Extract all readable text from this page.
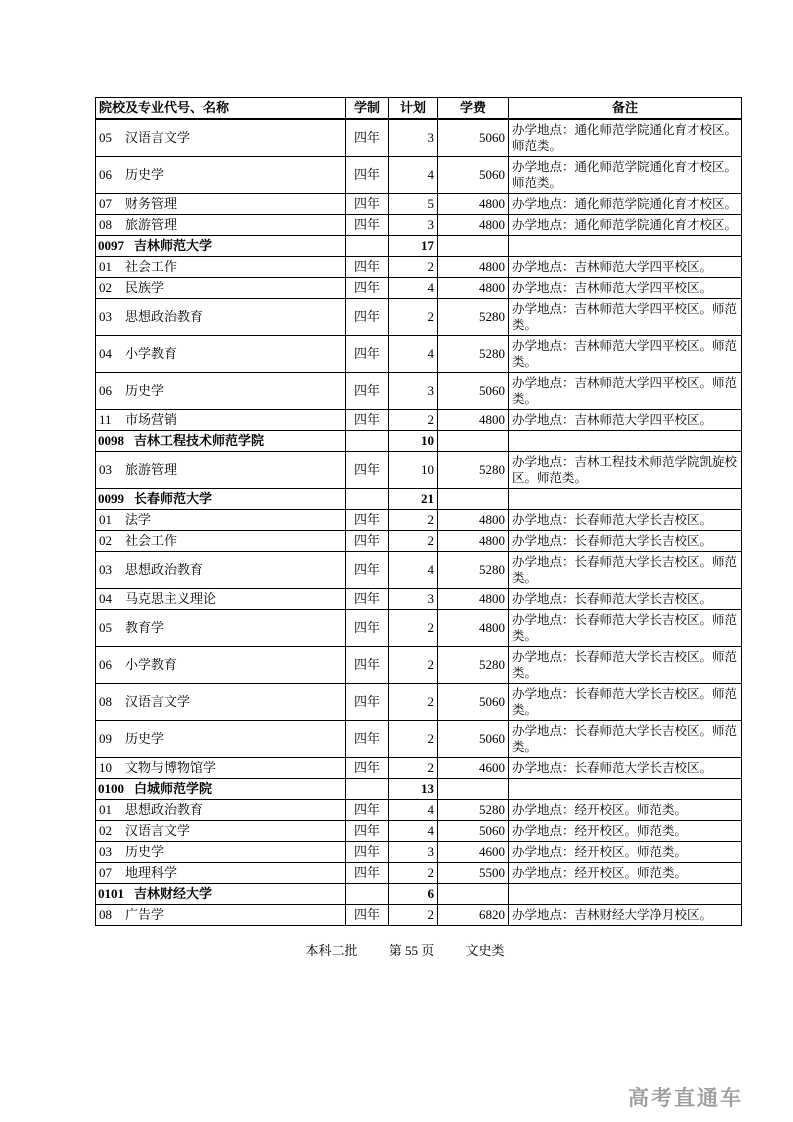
院校及专业代号、名称	学制	计划	学费	备注
05 汉语言文学	四年	3	5060	办学地点：通化师范学院通化育才校区。师范类。
06 历史学	四年	4	5060	办学地点：通化师范学院通化育才校区。师范类。
07 财务管理	四年	5	4800	办学地点：通化师范学院通化育才校区。
08 旅游管理	四年	3	4800	办学地点：通化师范学院通化育才校区。
0097 吉林师范大学		17		
01 社会工作	四年	2	4800	办学地点：吉林师范大学四平校区。
02 民族学	四年	4	4800	办学地点：吉林师范大学四平校区。
03 思想政治教育	四年	2	5280	办学地点：吉林师范大学四平校区。师范类。
04 小学教育	四年	4	5280	办学地点：吉林师范大学四平校区。师范类。
06 历史学	四年	3	5060	办学地点：吉林师范大学四平校区。师范类。
11 市场营销	四年	2	4800	办学地点：吉林师范大学四平校区。
0098 吉林工程技术师范学院		10		
03 旅游管理	四年	10	5280	办学地点：吉林工程技术师范学院凯旋校区。师范类。
0099 长春师范大学		21		
01 法学	四年	2	4800	办学地点：长春师范大学长吉校区。
02 社会工作	四年	2	4800	办学地点：长春师范大学长吉校区。
03 思想政治教育	四年	4	5280	办学地点：长春师范大学长吉校区。师范类。
04 马克思主义理论	四年	3	4800	办学地点：长春师范大学长吉校区。
05 教育学	四年	2	4800	办学地点：长春师范大学长吉校区。师范类。
06 小学教育	四年	2	5280	办学地点：长春师范大学长吉校区。师范类。
08 汉语言文学	四年	2	5060	办学地点：长春师范大学长吉校区。师范类。
09 历史学	四年	2	5060	办学地点：长春师范大学长吉校区。师范类。
10 文物与博物馆学	四年	2	4600	办学地点：长春师范大学长吉校区。
0100 白城师范学院		13		
01 思想政治教育	四年	4	5280	办学地点：经开校区。师范类。
02 汉语言文学	四年	4	5060	办学地点：经开校区。师范类。
03 历史学	四年	3	4600	办学地点：经开校区。师范类。
07 地理科学	四年	2	5500	办学地点：经开校区。师范类。
0101 吉林财经大学		6		
08 广告学	四年	2	6820	办学地点：吉林财经大学净月校区。
本科二批 第 55 页 文史类
高考直通车
